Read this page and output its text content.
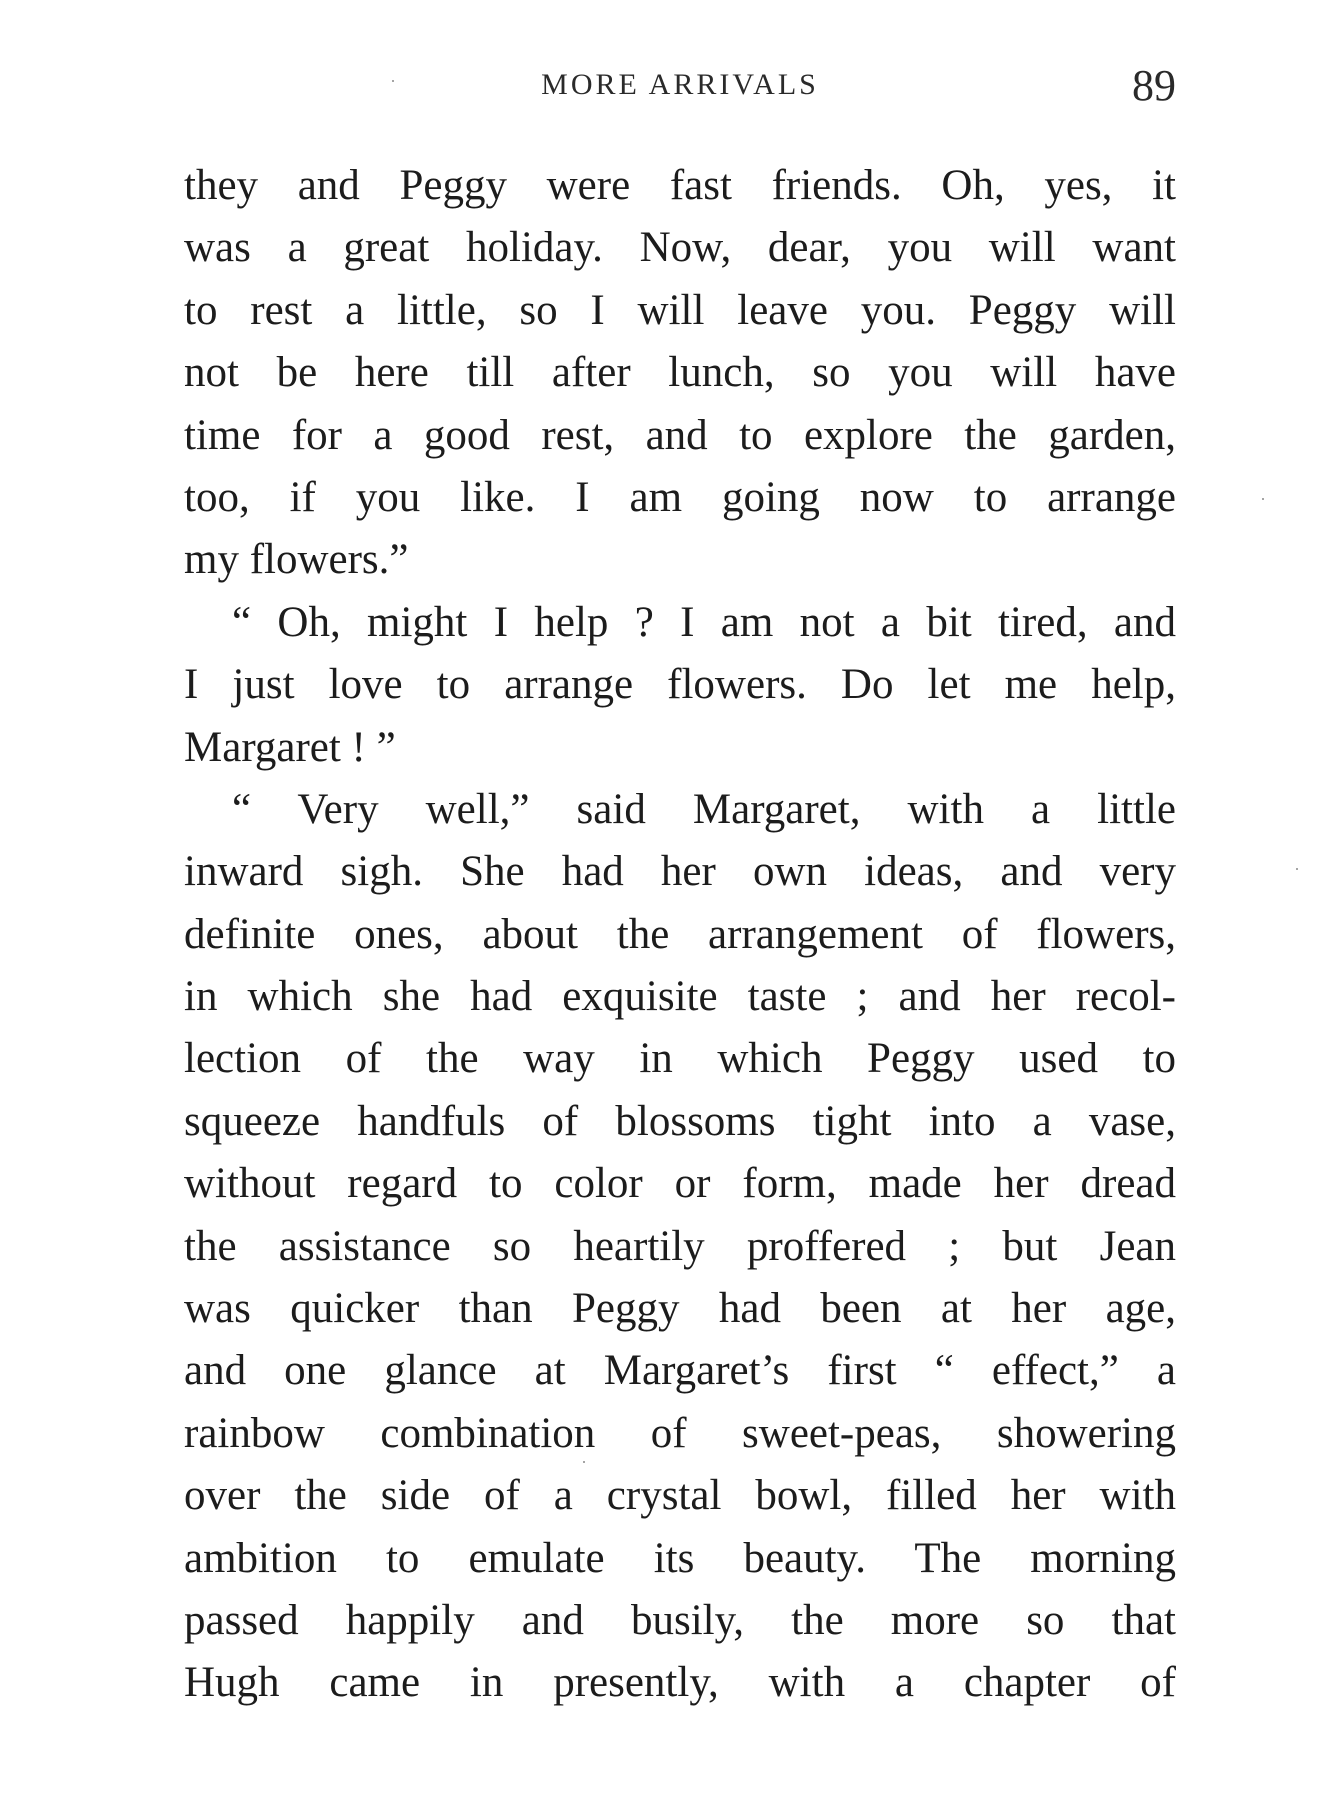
MORE ARRIVALS	89
they and Peggy were fast friends. Oh, yes, it
was a great holiday. Now, dear, you will want
to rest a little, so I will leave you. Peggy will
not be here till after lunch, so you will have
time for a good rest, and to explore the garden,
too, if you like. I am going now to arrange
my flowers.”
“ Oh, might I help ? I am not a bit tired, and
I just love to arrange flowers. Do let me help,
Margaret ! ”
“ Very well,” said Margaret, with a little
inward sigh. She had her own ideas, and very
definite ones, about the arrangement of flowers,
in which she had exquisite taste ; and her recol-
lection of the way in which Peggy used to
squeeze handfuls of blossoms tight into a vase,
without regard to color or form, made her dread
the assistance so heartily proffered ; but Jean
was quicker than Peggy had been at her age,
and one glance at Margaret’s first “ effect,” a
rainbow combination of sweet-peas, showering
over the side of a crystal bowl, filled her with
ambition to emulate its beauty. The morning
passed happily and busily, the more so that
Hugh came in presently, with a chapter of
